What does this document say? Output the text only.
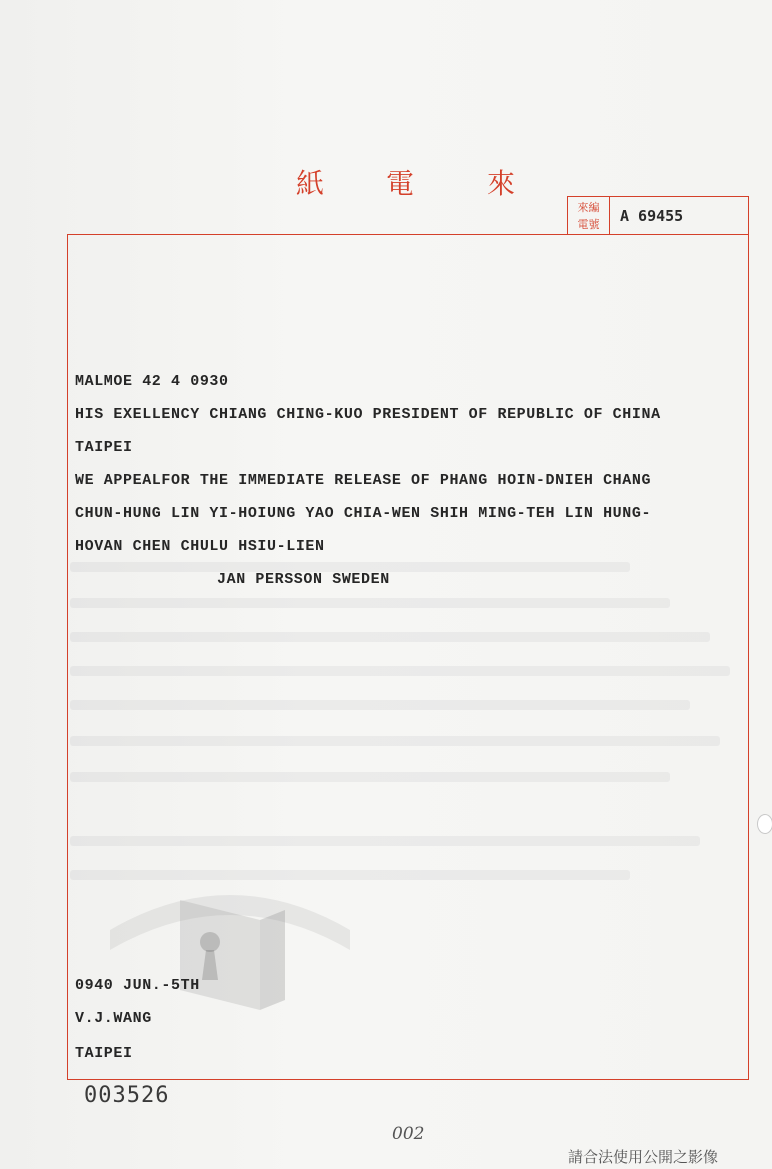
紙 電	來
來編
電號	A 69455
MALMOE 42 4 0930
HIS EXELLENCY CHIANG CHING-KUO PRESIDENT OF REPUBLIC OF CHINA
TAIPEI
WE APPEALFOR THE IMMEDIATE RELEASE OF PHANG HOIN-DNIEH CHANG
CHUN-HUNG LIN YI-HOIUNG YAO CHIA-WEN SHIH MING-TEH LIN HUNG-
HOVAN CHEN CHULU HSIU-LIEN
JAN PERSSON SWEDEN
0940 JUN.-5TH
V.J.WANG
TAIPEI
003526
002
請合法使用公開之影像
